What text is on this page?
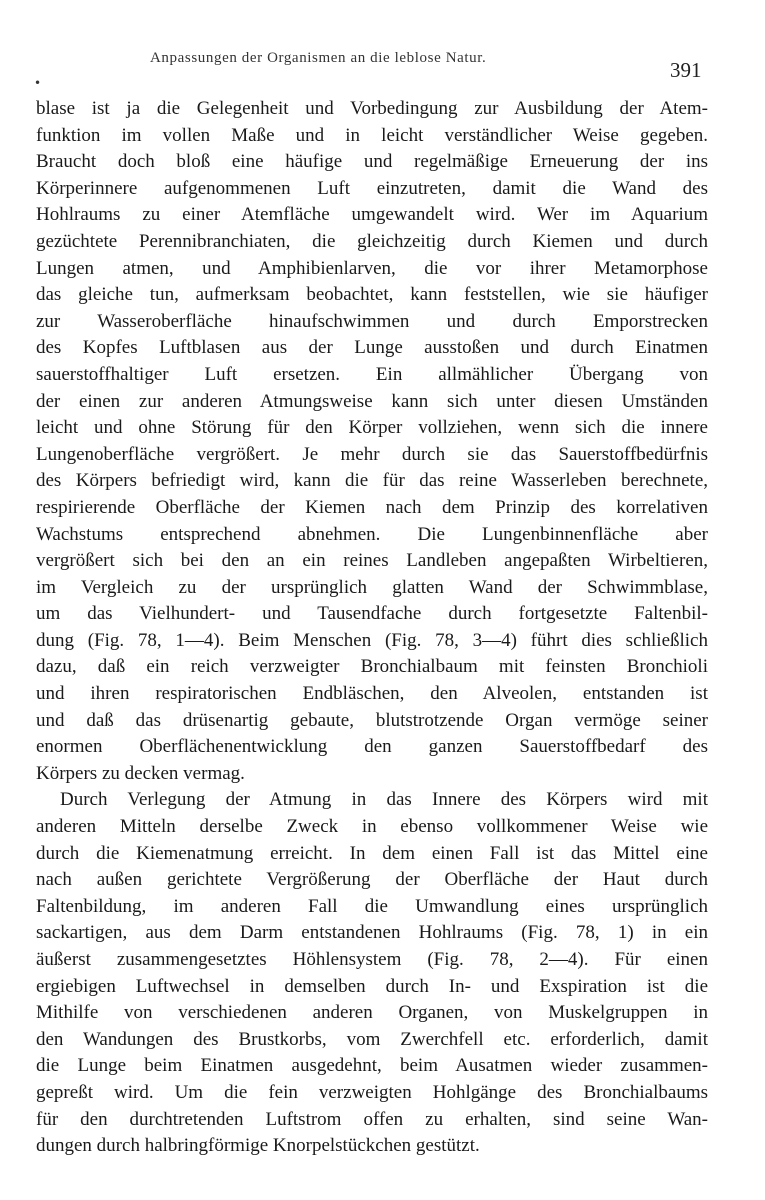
Anpassungen der Organismen an die leblose Natur.	391
•
blase ist ja die Gelegenheit und Vorbedingung zur Ausbildung der Atem-
funktion im vollen Maße und in leicht verständlicher Weise gegeben.
Braucht doch bloß eine häufige und regelmäßige Erneuerung der ins
Körperinnere aufgenommenen Luft einzutreten, damit die Wand des
Hohlraums zu einer Atemfläche umgewandelt wird. Wer im Aquarium
gezüchtete Perennibranchiaten, die gleichzeitig durch Kiemen und durch
Lungen atmen, und Amphibienlarven, die vor ihrer Metamorphose
das gleiche tun, aufmerksam beobachtet, kann feststellen, wie sie häufiger
zur Wasseroberfläche hinaufschwimmen und durch Emporstrecken
des Kopfes Luftblasen aus der Lunge ausstoßen und durch Einatmen
sauerstoffhaltiger Luft ersetzen. Ein allmählicher Übergang von
der einen zur anderen Atmungsweise kann sich unter diesen Umständen
leicht und ohne Störung für den Körper vollziehen, wenn sich die innere
Lungenoberfläche vergrößert. Je mehr durch sie das Sauerstoffbedürfnis
des Körpers befriedigt wird, kann die für das reine Wasserleben berechnete,
respirierende Oberfläche der Kiemen nach dem Prinzip des korrelativen
Wachstums entsprechend abnehmen. Die Lungenbinnenfläche aber
vergrößert sich bei den an ein reines Landleben angepaßten Wirbeltieren,
im Vergleich zu der ursprünglich glatten Wand der Schwimmblase,
um das Vielhundert- und Tausendfache durch fortgesetzte Faltenbil-
dung (Fig. 78, 1—4). Beim Menschen (Fig. 78, 3—4) führt dies schließlich
dazu, daß ein reich verzweigter Bronchialbaum mit feinsten Bronchioli
und ihren respiratorischen Endbläschen, den Alveolen, entstanden ist
und daß das drüsenartig gebaute, blutstrotzende Organ vermöge seiner
enormen Oberflächenentwicklung den ganzen Sauerstoffbedarf des
Körpers zu decken vermag.
Durch Verlegung der Atmung in das Innere des Körpers wird mit
anderen Mitteln derselbe Zweck in ebenso vollkommener Weise wie
durch die Kiemenatmung erreicht. In dem einen Fall ist das Mittel eine
nach außen gerichtete Vergrößerung der Oberfläche der Haut durch
Faltenbildung, im anderen Fall die Umwandlung eines ursprünglich
sackartigen, aus dem Darm entstandenen Hohlraums (Fig. 78, 1) in ein
äußerst zusammengesetztes Höhlensystem (Fig. 78, 2—4). Für einen
ergiebigen Luftwechsel in demselben durch In- und Exspiration ist die
Mithilfe von verschiedenen anderen Organen, von Muskelgruppen in
den Wandungen des Brustkorbs, vom Zwerchfell etc. erforderlich, damit
die Lunge beim Einatmen ausgedehnt, beim Ausatmen wieder zusammen-
gepreßt wird. Um die fein verzweigten Hohlgänge des Bronchialbaums
für den durchtretenden Luftstrom offen zu erhalten, sind seine Wan-
dungen durch halbringförmige Knorpelstückchen gestützt.
